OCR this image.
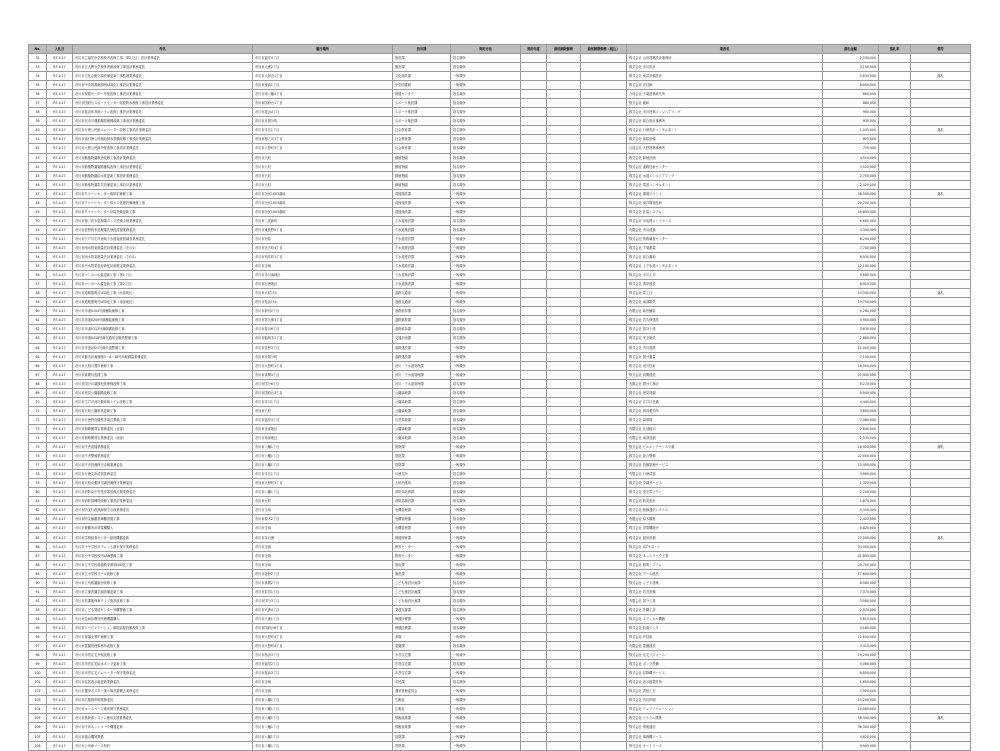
No.	入札日	件名	履行場所	担当課	契約方法	契約年度	最低制限価格	最低制限価格（税込）	業者名	落札金額	落札率	備考
32	R7.4.17	市川市立福栄中学校校舎改修工事（第2工区）設計業務委託	市川市福栄4丁目	施設課	指名競争				株式会社 山田建築設計事務所	2,530,000		
33	R7.4.17	市川市立大洲小学校体育館改修工事設計業務委託	市川市大洲2丁目	施設課	指名競争				株式会社 市川設計	3,190,000		
34	R7.4.17	市川市文化会館空調設備更新工事監理業務委託	市川市大和田1丁目	文化施設課	一般競争				株式会社 東葛設備設計	5,830,000		落札
35	R7.4.17	市川市中央図書館照明LED化工事設計業務委託	市川市鬼高1丁目	中央図書館	一般競争				株式会社 光技研	6,050,000		
36	R7.4.17	市川市保健センター外壁改修工事設計業務委託	市川市南八幡4丁目	保健センター	指名競争				合同会社 千葉建築研究所	660,000		
37	R7.4.17	市川市国府台スポーツセンター屋根防水改修工事設計業務委託	市川市国府台1丁目	スポーツ施設課	指名競争				株式会社 創和	880,000		
38	R7.4.17	市川市塩浜体育館トイレ改修工事設計業務委託	市川市塩浜4丁目	スポーツ施設課	指名競争				株式会社 市川建築エンジニアリング	990,000		
39	R7.4.17	市川市北市川運動場管理棟改修工事設計業務委託	市川市北国分町	スポーツ施設課	指名競争				株式会社 総合設計事務所	935,000		
40	R7.4.17	市川市行徳公民館エレベーター改修工事設計業務委託	市川市末広1丁目	社会教育課	指名競争				株式会社 行徳設計コンサルタント	1,045,000		落札
41	R7.4.17	市川市南行徳公民館給排水設備改修工事設計業務委託	市川市相之川1丁目	社会教育課	指名競争				株式会社 南総設備	825,000		
42	R7.4.17	市川市大野公民館外壁改修工事設計業務委託	市川市大野町3丁目	社会教育課	指名競争				合同会社 大野建築事務所	770,000		
43	R7.4.17	市川市動植物園獣舎改修工事設計業務委託	市川市大町	動植物園	指名競争				株式会社 緑地計画	4,510,000		
44	R7.4.17	市川市動植物園園路舗装改修工事設計業務委託	市川市大町	動植物園	指名競争				株式会社 道路技術センター	3,520,000		
45	R7.4.17	市川市動植物園給水管更新工事設計業務委託	市川市大町	動植物園	指名競争				株式会社 水道エンジニアリング	2,750,000		
46	R7.4.17	市川市動植物園電気設備更新工事設計業務委託	市川市大町	動植物園	指名競争				株式会社 電設コンサルタント	2,420,000		
47	R7.4.17	市川市クリーンセンター焼却炉補修工事	市川市田尻1003番地	清掃施設課	一般競争				株式会社 環境プラント	38,500,000		落札
48	R7.4.17	市川市クリーンセンター排ガス処理設備補修工事	市川市田尻1003番地	清掃施設課	一般競争				株式会社 東洋環境技研	24,200,000		
49	R7.4.17	市川市クリーンセンター計装設備更新工事	市川市田尻1003番地	清掃施設課	一般競争				株式会社 計装システム	19,800,000		
50	R7.4.17	市川市第二終末処理場ポンプ設備点検業務委託	市川市二俣新町	下水道施設課	指名競争				株式会社 水処理メンテナンス	6,600,000		
51	R7.4.17	市川市菅野終末処理場沈砂池清掃業務委託	市川市東菅野5丁目	下水道施設課	指名競争				有限会社 市川清掃	3,300,000		
52	R7.4.17	市川市江戸川左岸流域下水道接続管調査業務委託	市川市河原	下水道建設課	一般競争				株式会社 管路調査センター	8,250,000		
53	R7.4.17	市川市雨水管渠測量設計業務委託（その1）	市川市北方町4丁目	下水道建設課	一般競争				株式会社 千葉測量	7,700,000		
54	R7.4.17	市川市雨水管渠測量設計業務委託（その2）	市川市柏井町1丁目	下水道建設課	一般競争				株式会社 総合測地	6,930,000		
55	R7.4.17	市川市汚水管渠長寿命化計画策定業務委託	市川市全域	下水道経営課	一般競争				株式会社 上下水道コンサルタンツ	12,100,000		
56	R7.4.17	市川市マンホール蓋更新工事（第1工区）	市川市市川南地区	下水道施設課	一般競争				株式会社 市川土木	9,680,000		
57	R7.4.17	市川市マンホール蓋更新工事（第2工区）	市川市行徳地区	下水道施設課	一般競争				株式会社 湾岸建設	8,910,000		
58	R7.4.17	市川市道路照明灯LED化工事（北部地区）	市川市大町ほか	道路交通部	一般競争				株式会社 電工社	14,300,000		落札
59	R7.4.17	市川市道路照明灯LED化工事（南部地区）	市川市塩浜ほか	道路交通部	一般競争				株式会社 南部電気	13,750,000		
60	R7.4.17	市川市市道0104号線舗装補修工事	市川市新田2丁目	道路維持課	指名競争				有限会社 新田舗装	5,280,000		
61	R7.4.17	市川市市道0209号線舗装補修工事	市川市宮久保3丁目	道路維持課	指名競争				株式会社 宮久保建設	4,950,000		
62	R7.4.17	市川市市道0312号線側溝改修工事	市川市曽谷6丁目	道路維持課	指名競争				株式会社 曽谷土建	3,630,000		
63	R7.4.17	市川市市道0418号線交通安全施設整備工事	市川市稲荷木1丁目	交通計画課	指名競争				株式会社 安全施設	2,860,000		
64	R7.4.17	市川市市道0521号線歩道整備工事	市川市菅野3丁目	道路建設課	一般競争				株式会社 市川道路	11,000,000		
65	R7.4.17	市川市都市計画道路3・4・18号用地測量業務委託	市川市北国分町	道路建設課	一般競争				株式会社 国分測量	7,150,000		
66	R7.4.17	市川市大柏川護岸補修工事	市川市大野町1丁目	河川・下水道管理課	一般競争				株式会社 河川技術	16,500,000		
67	R7.4.17	市川市真間川浚渫工事	市川市真間4丁目	河川・下水道管理課	一般競争				株式会社 真間建設	21,450,000		
68	R7.4.17	市川市国分川調節池管理棟改修工事	市川市国分6丁目	河川・下水道管理課	指名競争				有限会社 国分工務店	6,270,000		
69	R7.4.17	市川市里見公園園路改修工事	市川市国府台3丁目	公園緑地課	指名競争				株式会社 里見造園	5,940,000		
70	R7.4.17	市川市江戸川河川敷緑地トイレ改修工事	市川市市川1丁目	公園緑地課	指名競争				株式会社 江戸川設備	4,400,000		
71	R7.4.17	市川市大町公園遊具更新工事	市川市大町	公園緑地課	指名競争				株式会社 遊具製作所	3,850,000		
72	R7.4.17	市川市行徳野鳥観察舎周辺整備工事	市川市福栄4丁目	自然環境課	指名競争				株式会社 緑環境	7,480,000		
73	R7.4.17	市川市街路樹剪定業務委託（北部）	市川市北部地区	公園緑地課	指名競争				有限会社 北部植木	2,640,000		
74	R7.4.17	市川市街路樹剪定業務委託（南部）	市川市南部地区	公園緑地課	指名競争				有限会社 南部造園	2,530,000		
75	R7.4.17	市川市庁舎清掃業務委託	市川市八幡1丁目	管財課	一般競争				株式会社 ビルメンテナンス千葉	18,920,000		落札
76	R7.4.17	市川市庁舎警備業務委託	市川市八幡1丁目	管財課	一般競争				株式会社 総合警備	22,000,000		
77	R7.4.17	市川市庁舎設備保守点検業務委託	市川市八幡1丁目	管財課	一般競争				株式会社 設備管理サービス	15,400,000		
78	R7.4.17	市川市行徳支所清掃業務委託	市川市末広1丁目	行徳支所	指名競争				有限会社 行徳清掃	3,960,000		
79	R7.4.17	市川市大柏出張所空調設備保守業務委託	市川市大野町3丁目	大柏出張所	指名競争				株式会社 空調サービス	1,320,000		
80	R7.4.17	市川市消防局庁舎受変電設備点検業務委託	市川市八幡1丁目	消防局総務課	指名競争				株式会社 受変電テクノ	2,200,000		
81	R7.4.17	市川市消防訓練塔改修工事設計業務委託	市川市大町	消防局施設課	指名競争				株式会社 防災設計	1,870,000		
82	R7.4.17	市川市防災行政無線保守点検業務委託	市川市全域	危機管理課	一般競争				株式会社 無線通信システム	9,350,000		
83	R7.4.17	市川市防災備蓄倉庫棚設置工事	市川市原木2丁目	危機管理課	指名競争				有限会社 原木鋼材	2,420,000		
84	R7.4.17	市川市避難所用発電機購入	市川市全域	危機管理課	一般競争				株式会社 発電機販売	6,820,000		
85	R7.4.17	市川市学校給食センター厨房機器更新	市川市本行徳	保健体育課	一般競争				株式会社 厨房設備	27,500,000		落札
86	R7.4.17	市川市小中学校タブレット端末保守業務委託	市川市全域	教育センター	一般競争				株式会社 ICTサポート	33,000,000		
87	R7.4.17	市川市小中学校校内LAN整備工事	市川市全域	教育センター	一般競争				株式会社 ネットワーク工業	41,800,000		
88	R7.4.17	市川市立中学校普通教室照明LED化工事	市川市全域	施設課	一般競争				株式会社 照明システム	29,700,000		
89	R7.4.17	市川市立小学校プール改修工事	市川市菅野2丁目	施設課	一般競争				株式会社 プール建設	17,600,000		
90	R7.4.17	市川市立幼稚園園舎改修工事	市川市真間2丁目	こども施設計画課	指名競争				株式会社 こども建築	8,580,000		
91	R7.4.17	市川市立保育園空調設備更新工事	市川市若宮1丁目	こども施設計画課	指名競争				株式会社 若宮設備	7,370,000		
92	R7.4.17	市川市放課後保育クラブ施設改修工事	市川市国分3丁目	こども施設計画課	指名競争				有限会社 国分工業	3,080,000		
93	R7.4.17	市川市こども発達センター外構整備工事	市川市大洲4丁目	発達支援課	指名競争				株式会社 外構工房	2,970,000		
94	R7.4.17	市川市急病診療所医療機器購入	市川市大洲1丁目	保健医療課	一般競争				株式会社 メディカル機器	5,610,000		
95	R7.4.17	市川市リハビリテーション病院給湯設備改修工事	市川市国府台6丁目	保健医療課	指名競争				株式会社 給湯テック	4,180,000		
96	R7.4.17	市川市斎場火葬炉補修工事	市川市大野町4丁目	斎場	一般競争				株式会社 炉技術	12,650,000		
97	R7.4.17	市川市霊園管理事務所改修工事	市川市大野町4丁目	霊園課	指名競争				有限会社 霊園建設	3,410,000		
98	R7.4.17	市川市市営住宅外壁改修工事	市川市塩浜3丁目	市営住宅課	一般競争				株式会社 住宅リフォーム	19,250,000		
99	R7.4.17	市川市市営住宅給水ポンプ更新工事	市川市福栄2丁目	市営住宅課	指名競争				株式会社 ポンプ設備	5,060,000		
100	R7.4.17	市川市市営住宅エレベーター保守業務委託	市川市塩浜3丁目	市営住宅課	一般競争				株式会社 昇降機サービス	8,800,000		
101	R7.4.17	市川市住居表示板更新業務委託	市川市全域	市民課	指名競争				株式会社 表示板製作所	1,650,000		
102	R7.4.17	市川市選挙ポスター掲示場設置撤去業務委託	市川市全域	選挙管理委員会	一般競争				株式会社 看板工芸	7,920,000		
103	R7.4.17	市川市広報紙印刷業務委託	市川市八幡1丁目	広報室	一般競争				株式会社 市川印刷	13,200,000		
104	R7.4.17	市川市ホームページ運用保守業務委託	市川市八幡1丁目	広報室	一般競争				株式会社 ウェブソリューション	10,560,000		
105	R7.4.17	市川市基幹系システム運用支援業務委託	市川市八幡1丁目	情報政策課	一般競争				株式会社 システム開発	58,300,000		落札
106	R7.4.17	市川市庁内ネットワーク機器更新	市川市八幡1丁目	情報政策課	一般競争				株式会社 情報通信	36,300,000		
107	R7.4.17	市川市複合機賃貸借	市川市八幡1丁目	管財課	一般競争				株式会社 事務機リース	4,620,000		
108	R7.4.17	市川市公用車リース契約	市川市八幡1丁目	管財課	一般競争				株式会社 オートリース	9,900,000		
